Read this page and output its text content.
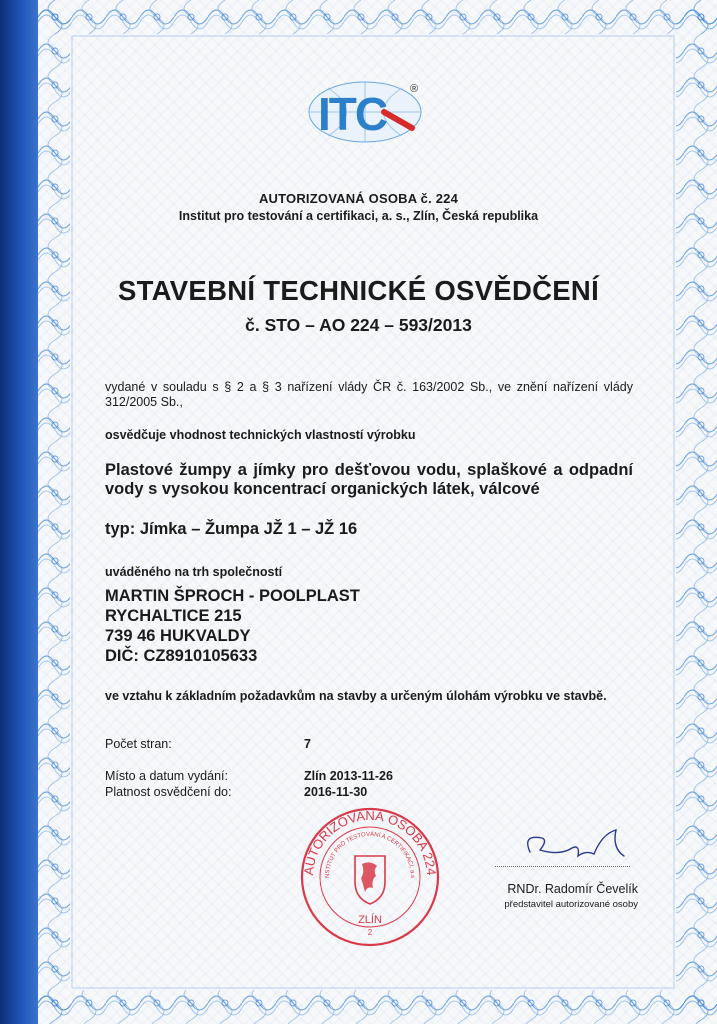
ITC ®
AUTORIZOVANÁ OSOBA č. 224
Institut pro testování a certifikaci, a. s., Zlín, Česká republika
STAVEBNÍ TECHNICKÉ OSVĚDČENÍ
č. STO – AO 224 – 593/2013
vydané v souladu s § 2 a § 3 nařízení vlády ČR č. 163/2002 Sb., ve znění nařízení vlády 312/2005 Sb.,
osvědčuje vhodnost technických vlastností výrobku
Plastové žumpy a jímky pro dešťovou vodu, splaškové a odpadní vody s vysokou koncentrací organických látek, válcové
typ: Jímka – Žumpa JŽ 1 – JŽ 16
uváděného na trh společností
MARTIN ŠPROCH - POOLPLAST
RYCHALTICE 215
739 46 HUKVALDY
DIČ: CZ8910105633
ve vztahu k základním požadavkům na stavby a určeným úlohám výrobku ve stavbě.
Počet stran:	7
Místo a datum vydání:	Zlín 2013-11-26
Platnost osvědčení do:	2016-11-30
AUTORIZOVANÁ OSOBA 224
NSTITUT PRO TESTOVÁNÍ A CERTIFIKACI, a.s
ZLÍN
2
RNDr. Radomír Čevelík
představitel autorizované osoby
